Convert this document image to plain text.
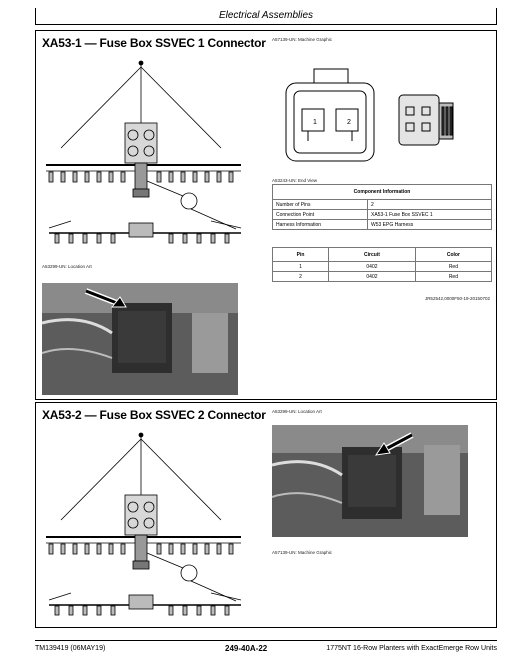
Electrical Assemblies
XA53-1 — Fuse Box SSVEC 1 Connector A57139-UN: Machine Graphic
A53299-UN: Location Art
1	2
A53243-UN: End View
Component Information	
Number of Pins	2
Connection Point	XA53-1 Fuse Box SSVEC 1
Harness Information	W53 EPG Harness
Pin	Circuit	Color
1	0402	Red
2	0402	Red
JR52542,0000F50-19-20150702
XA53-2 — Fuse Box SSVEC 2 Connector A53299-UN: Location Art
A57139-UN: Machine Graphic
TM139419 (06MAY19)	249-40A-22	1775NT 16-Row Planters with ExactEmerge Row Units
